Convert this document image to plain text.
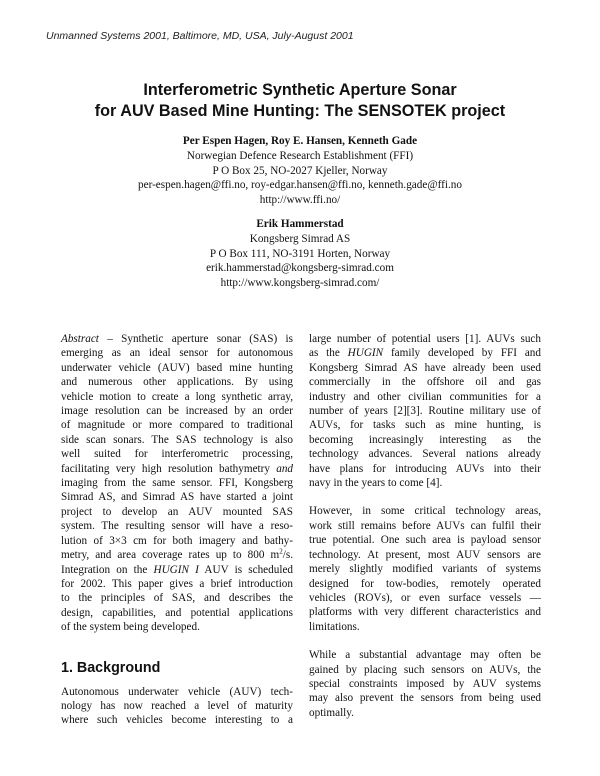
Unmanned Systems 2001, Baltimore, MD, USA, July-August 2001
Interferometric Synthetic Aperture Sonar
for AUV Based Mine Hunting: The SENSOTEK project
Per Espen Hagen, Roy E. Hansen, Kenneth Gade
Norwegian Defence Research Establishment (FFI)
P O Box 25, NO-2027 Kjeller, Norway
per-espen.hagen@ffi.no, roy-edgar.hansen@ffi.no, kenneth.gade@ffi.no
http://www.ffi.no/
Erik Hammerstad
Kongsberg Simrad AS
P O Box 111, NO-3191 Horten, Norway
erik.hammerstad@kongsberg-simrad.com
http://www.kongsberg-simrad.com/
Abstract – Synthetic aperture sonar (SAS) is
emerging as an ideal sensor for autonomous
underwater vehicle (AUV) based mine hunting
and numerous other applications. By using
vehicle motion to create a long synthetic array,
image resolution can be increased by an order
of magnitude or more compared to traditional
side scan sonars. The SAS technology is also
well suited for interferometric processing,
facilitating very high resolution bathymetry and
imaging from the same sensor. FFI, Kongsberg
Simrad AS, and Simrad AS have started a joint
project to develop an AUV mounted SAS
system. The resulting sensor will have a reso-
lution of 3×3 cm for both imagery and bathy-
metry, and area coverage rates up to 800 $m^2/s$.
Integration on the HUGIN I AUV is scheduled
for 2002. This paper gives a brief introduction
to the principles of SAS, and describes the
design, capabilities, and potential applications
of the system being developed.
1. Background
Autonomous underwater vehicle (AUV) tech-
nology has now reached a level of maturity
where such vehicles become interesting to a
large number of potential users [1]. AUVs such
as the HUGIN family developed by FFI and
Kongsberg Simrad AS have already been used
commercially in the offshore oil and gas
industry and other civilian communities for a
number of years [2][3]. Routine military use of
AUVs, for tasks such as mine hunting, is
becoming increasingly interesting as the
technology advances. Several nations already
have plans for introducing AUVs into their
navy in the years to come [4].
However, in some critical technology areas,
work still remains before AUVs can fulfil their
true potential. One such area is payload sensor
technology. At present, most AUV sensors are
merely slightly modified variants of systems
designed for tow-bodies, remotely operated
vehicles (ROVs), or even surface vessels —
platforms with very different characteristics and
limitations.
While a substantial advantage may often be
gained by placing such sensors on AUVs, the
special constraints imposed by AUV systems
may also prevent the sensors from being used
optimally.
